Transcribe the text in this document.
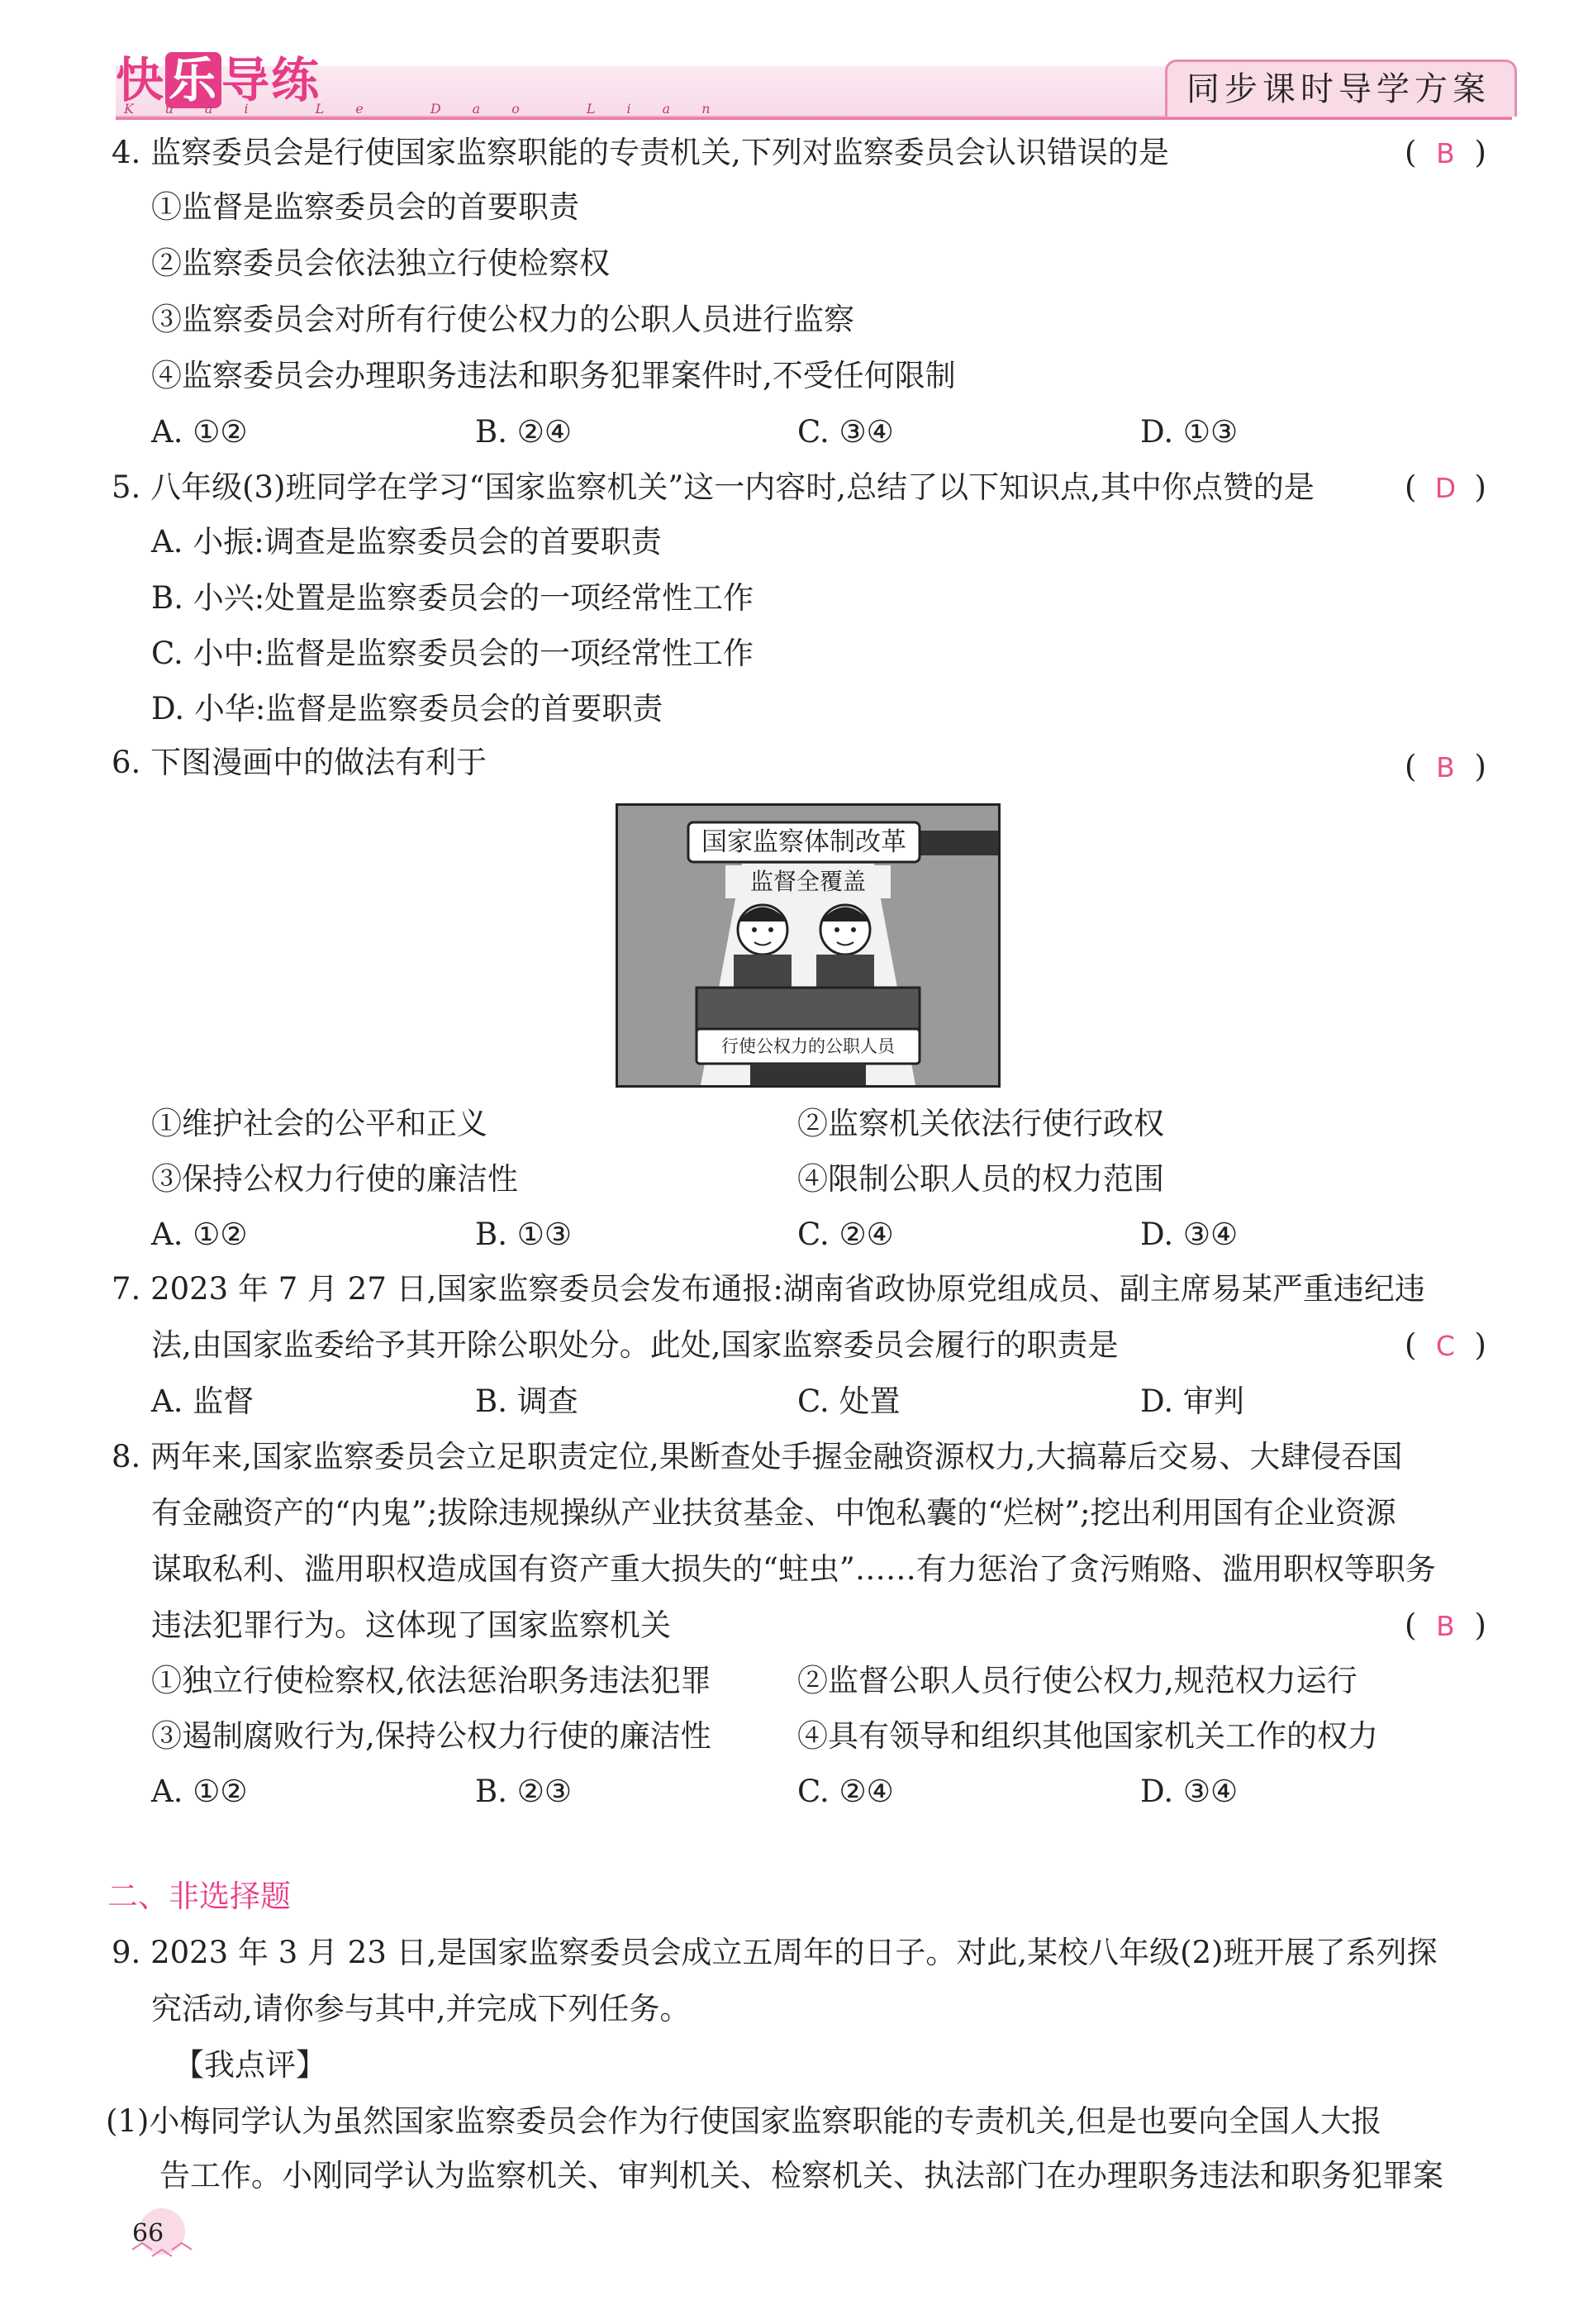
快乐导练
Kuai Le Dao Lian
同步课时导学方案
4. 监察委员会是行使国家监察职能的专责机关,下列对监察委员会认识错误的是	( B )
①监督是监察委员会的首要职责
②监察委员会依法独立行使检察权
③监察委员会对所有行使公权力的公职人员进行监察
④监察委员会办理职务违法和职务犯罪案件时,不受任何限制
A. ①②	B. ②④	C. ③④	D. ①③
5. 八年级(3)班同学在学习“国家监察机关”这一内容时,总结了以下知识点,其中你点赞的是	( D )
A. 小振:调查是监察委员会的首要职责
B. 小兴:处置是监察委员会的一项经常性工作
C. 小中:监督是监察委员会的一项经常性工作
D. 小华:监督是监察委员会的首要职责
6. 下图漫画中的做法有利于	( B )
国家监察体制改革
监督全覆盖
行使公权力的公职人员
①维护社会的公平和正义	②监察机关依法行使行政权
③保持公权力行使的廉洁性	④限制公职人员的权力范围
A. ①②	B. ①③	C. ②④	D. ③④
7. 2023 年 7 月 27 日,国家监察委员会发布通报:湖南省政协原党组成员、副主席易某严重违纪违
法,由国家监委给予其开除公职处分。此处,国家监察委员会履行的职责是	( C )
A. 监督	B. 调查	C. 处置	D. 审判
8. 两年来,国家监察委员会立足职责定位,果断查处手握金融资源权力,大搞幕后交易、大肆侵吞国
有金融资产的“内鬼”;拔除违规操纵产业扶贫基金、中饱私囊的“烂树”;挖出利用国有企业资源
谋取私利、滥用职权造成国有资产重大损失的“蛀虫”……有力惩治了贪污贿赂、滥用职权等职务
违法犯罪行为。这体现了国家监察机关	( B )
①独立行使检察权,依法惩治职务违法犯罪	②监督公职人员行使公权力,规范权力运行
③遏制腐败行为,保持公权力行使的廉洁性	④具有领导和组织其他国家机关工作的权力
A. ①②	B. ②③	C. ②④	D. ③④
二、非选择题
9. 2023 年 3 月 23 日,是国家监察委员会成立五周年的日子。对此,某校八年级(2)班开展了系列探
究活动,请你参与其中,并完成下列任务。
【我点评】
(1)小梅同学认为虽然国家监察委员会作为行使国家监察职能的专责机关,但是也要向全国人大报
告工作。小刚同学认为监察机关、审判机关、检察机关、执法部门在办理职务违法和职务犯罪案
66
